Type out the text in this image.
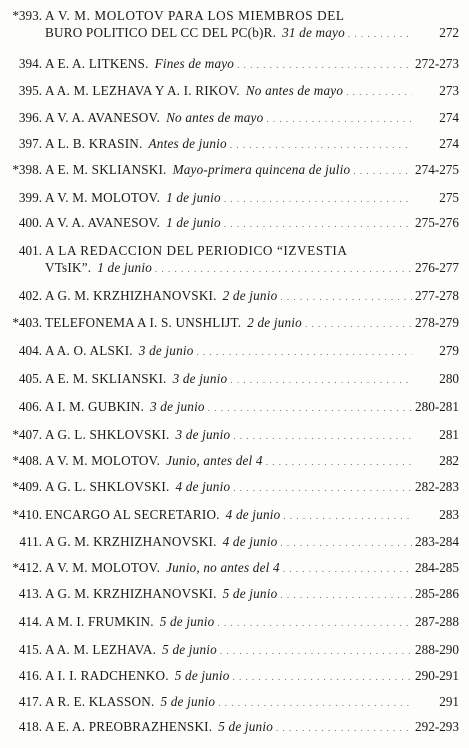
*393. A V. M. MOLOTOV PARA LOS MIEMBROS DEL
BURO POLITICO DEL CC DEL PC(b)R. 31 de mayo . . .	272
394. A E. A. LITKENS. Fines de mayo . . .	272-273
395. A A. M. LEZHAVA Y A. I. RIKOV. No antes de mayo . . .	273
396. A V. A. AVANESOV. No antes de mayo . . .	274
397. A L. B. KRASIN. Antes de junio . . .	274
*398. A E. M. SKLIANSKI. Mayo-primera quincena de julio . . .	274-275
399. A V. M. MOLOTOV. 1 de junio . . .	275
400. A V. A. AVANESOV. 1 de junio . . .	275-276
401. A LA REDACCION DEL PERIODICO “IZVESTIA
VTsIK”. 1 de junio . . .	276-277
402. A G. M. KRZHIZHANOVSKI. 2 de junio . . .	277-278
*403. TELEFONEMA A I. S. UNSHLIJT. 2 de junio . . .	278-279
404. A A. O. ALSKI. 3 de junio . . .	279
405. A E. M. SKLIANSKI. 3 de junio . . .	280
406. A I. M. GUBKIN. 3 de junio . . .	280-281
*407. A G. L. SHKLOVSKI. 3 de junio . . .	281
*408. A V. M. MOLOTOV. Junio, antes del 4 . . .	282
*409. A G. L. SHKLOVSKI. 4 de junio . . .	282-283
*410. ENCARGO AL SECRETARIO. 4 de junio . . .	283
411. A G. M. KRZHIZHANOVSKI. 4 de junio . . .	283-284
*412. A V. M. MOLOTOV. Junio, no antes del 4 . . .	284-285
413. A G. M. KRZHIZHANOVSKI. 5 de junio . . .	285-286
414. A M. I. FRUMKIN. 5 de junio . . .	287-288
415. A A. M. LEZHAVA. 5 de junio . . .	288-290
416. A I. I. RADCHENKO. 5 de junio . . .	290-291
417. A R. E. KLASSON. 5 de junio . . .	291
418. A E. A. PREOBRAZHENSKI. 5 de junio . . .	292-293
